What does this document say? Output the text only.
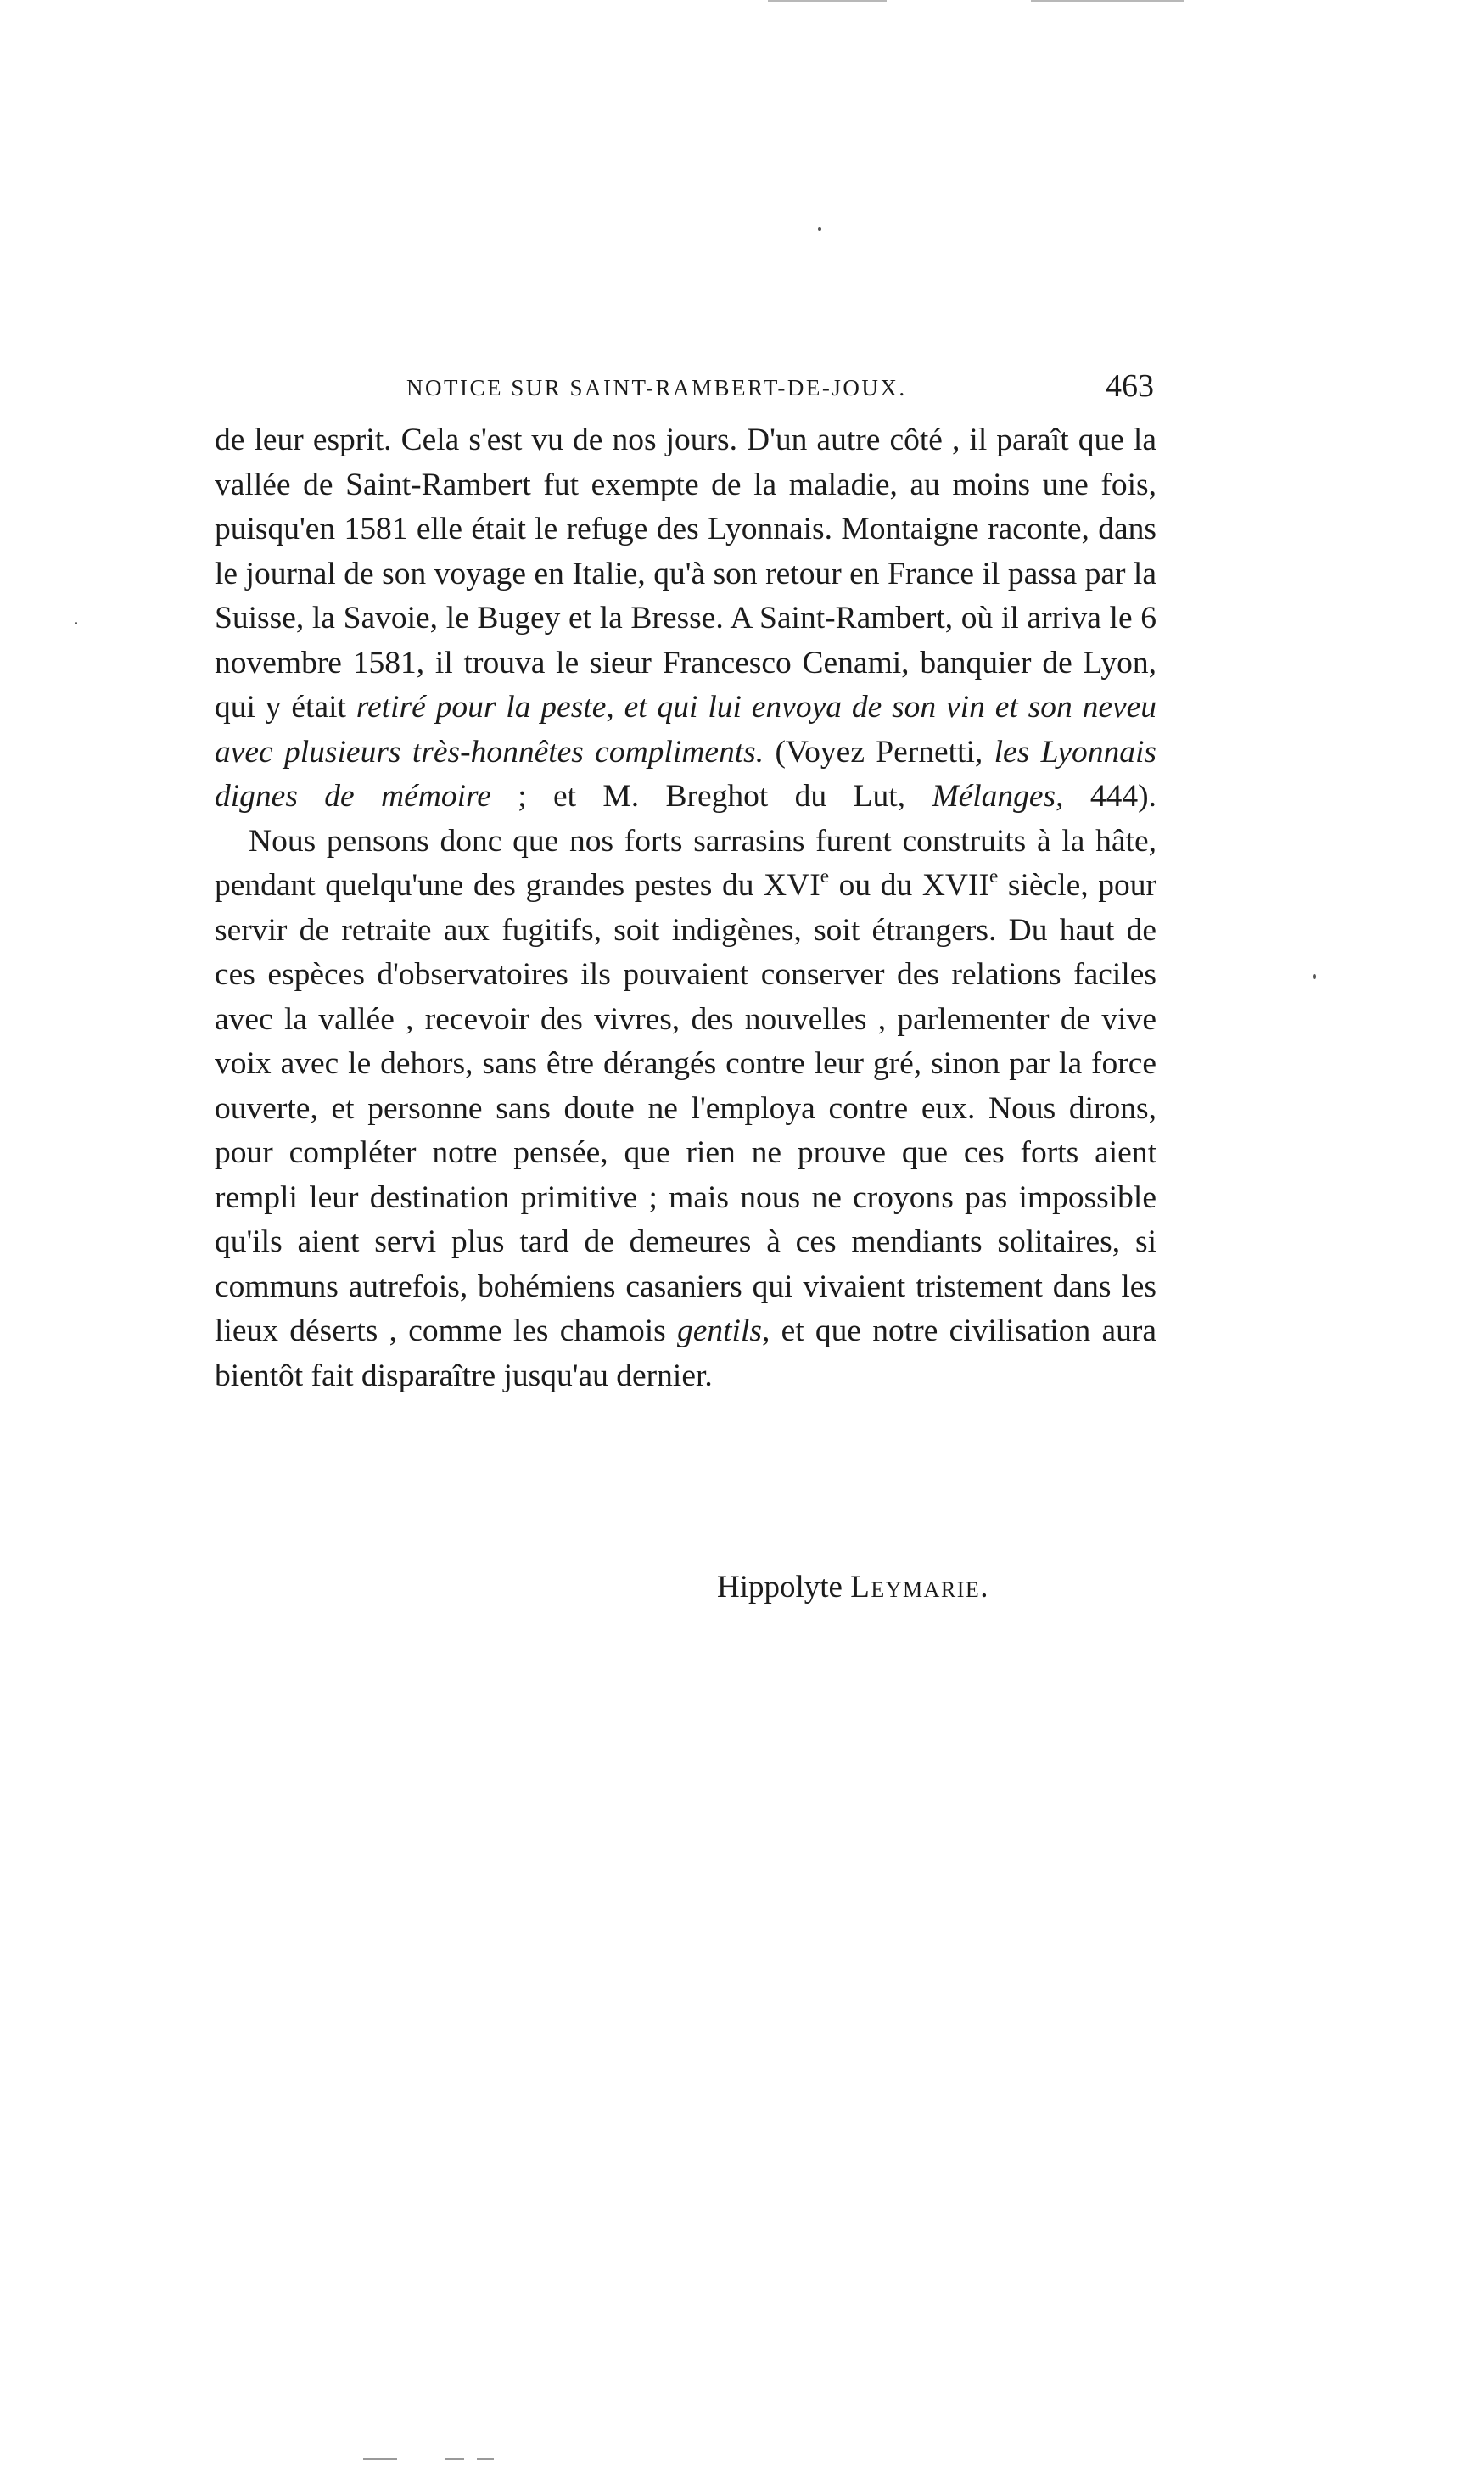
NOTICE SUR SAINT-RAMBERT-DE-JOUX.	463

de leur esprit. Cela s'est vu de nos jours. D'un autre côté , il paraît que la vallée de Saint-Rambert fut exempte de la maladie, au moins une fois, puisqu'en 1581 elle était le refuge des Lyonnais. Montaigne raconte, dans le journal de son voyage en Italie, qu'à son retour en France il passa par la Suisse, la Savoie, le Bugey et la Bresse. A Saint-Rambert, où il arriva le 6 novembre 1581, il trouva le sieur Francesco Cenami, banquier de Lyon, qui y était retiré pour la peste, et qui lui envoya de son vin et son neveu avec plusieurs très-honnêtes compliments. (Voyez Pernetti, les Lyonnais dignes de mémoire ; et M. Breghot du Lut, Mélanges, 444).

Nous pensons donc que nos forts sarrasins furent construits à la hâte, pendant quelqu'une des grandes pestes du XVIe ou du XVIIe siècle, pour servir de retraite aux fugitifs, soit indigènes, soit étrangers. Du haut de ces espèces d'observatoires ils pouvaient conserver des relations faciles avec la vallée , recevoir des vivres, des nouvelles , parlementer de vive voix avec le dehors, sans être dérangés contre leur gré, sinon par la force ouverte, et personne sans doute ne l'employa contre eux. Nous dirons, pour compléter notre pensée, que rien ne prouve que ces forts aient rempli leur destination primitive ; mais nous ne croyons pas impossible qu'ils aient servi plus tard de demeures à ces mendiants solitaires, si communs autrefois, bohémiens casaniers qui vivaient tristement dans les lieux déserts , comme les chamois gentils, et que notre civilisation aura bientôt fait disparaître jusqu'au dernier.

Hippolyte Leymarie.
